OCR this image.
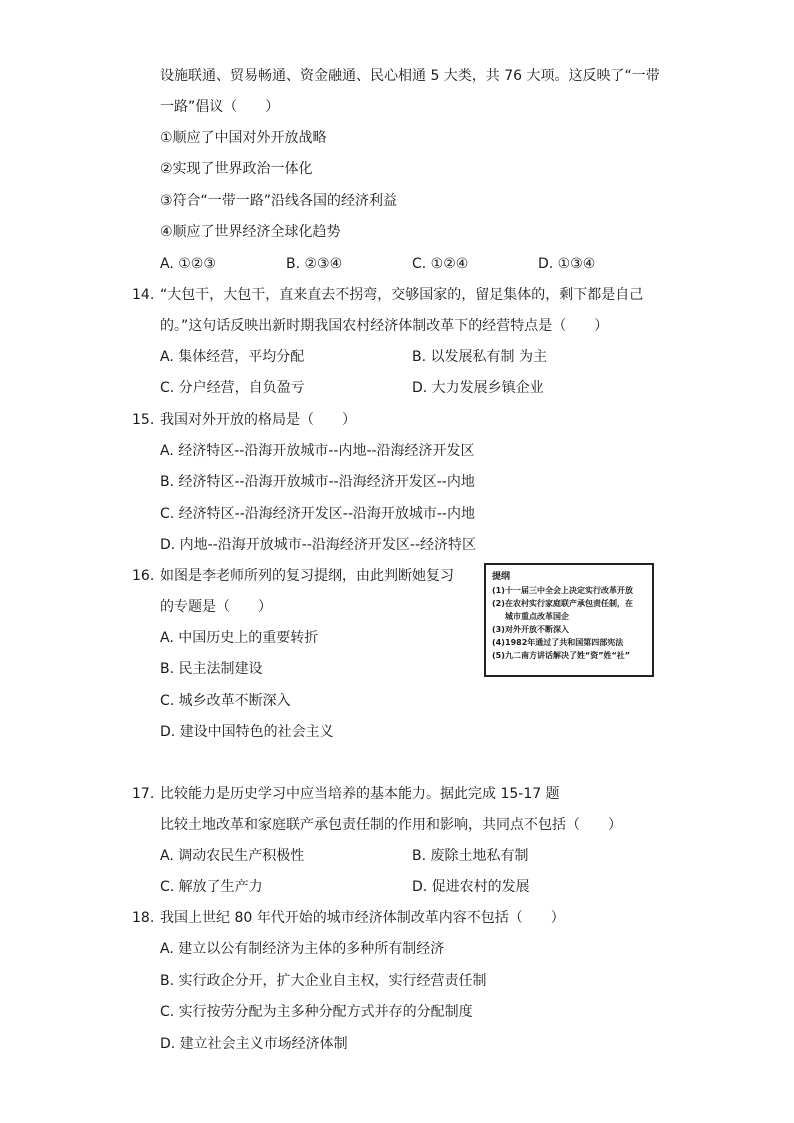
设施联通、贸易畅通、资金融通、民心相通 5 大类，共 76 大项。这反映了“一带
一路”倡议（　　）
①顺应了中国对外开放战略
②实现了世界政治一体化
③符合“一带一路”沿线各国的经济利益
④顺应了世界经济全球化趋势
A. ①②③	B. ②③④	C. ①②④	D. ①③④
14. “大包干，大包干，直来直去不拐弯，交够国家的，留足集体的，剩下都是自己
的。”这句话反映出新时期我国农村经济体制改革下的经营特点是（　　）
A. 集体经营，平均分配	B. 以发展私有制 为主
C. 分户经营，自负盈亏	D. 大力发展乡镇企业
15. 我国对外开放的格局是（　　）
A. 经济特区--沿海开放城市--内地--沿海经济开发区
B. 经济特区--沿海开放城市--沿海经济开发区--内地
C. 经济特区--沿海经济开发区--沿海开放城市--内地
D. 内地--沿海开放城市--沿海经济开发区--经济特区
16. 如图是李老师所列的复习提纲，由此判断她复习
的专题是（　　）
A. 中国历史上的重要转折
B. 民主法制建设
C. 城乡改革不断深入
D. 建设中国特色的社会主义
提纲
(1)十一届三中全会上决定实行改革开放
(2)在农村实行家庭联产承包责任制，在
城市重点改革国企
(3)对外开放不断深入
(4)1982年通过了共和国第四部宪法
(5)九二南方讲话解决了姓“资”姓“社”
17. 比较能力是历史学习中应当培养的基本能力。据此完成 15-17 题
比较土地改革和家庭联产承包责任制的作用和影响，共同点不包括（　　）
A. 调动农民生产积极性	B. 废除土地私有制
C. 解放了生产力	D. 促进农村的发展
18. 我国上世纪 80 年代开始的城市经济体制改革内容不包括（　　）
A. 建立以公有制经济为主体的多种所有制经济
B. 实行政企分开，扩大企业自主权，实行经营责任制
C. 实行按劳分配为主多种分配方式并存的分配制度
D. 建立社会主义市场经济体制
